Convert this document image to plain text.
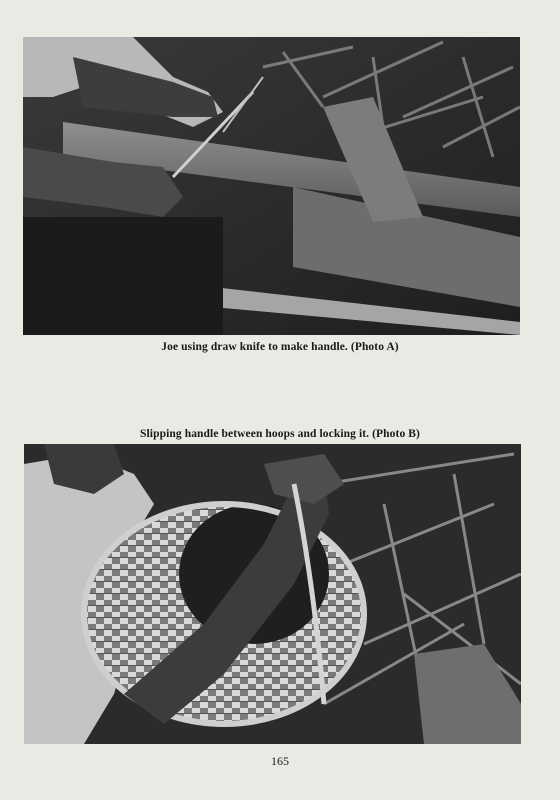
Joe using draw knife to make handle. (Photo A)
Slipping handle between hoops and locking it. (Photo B)
165
